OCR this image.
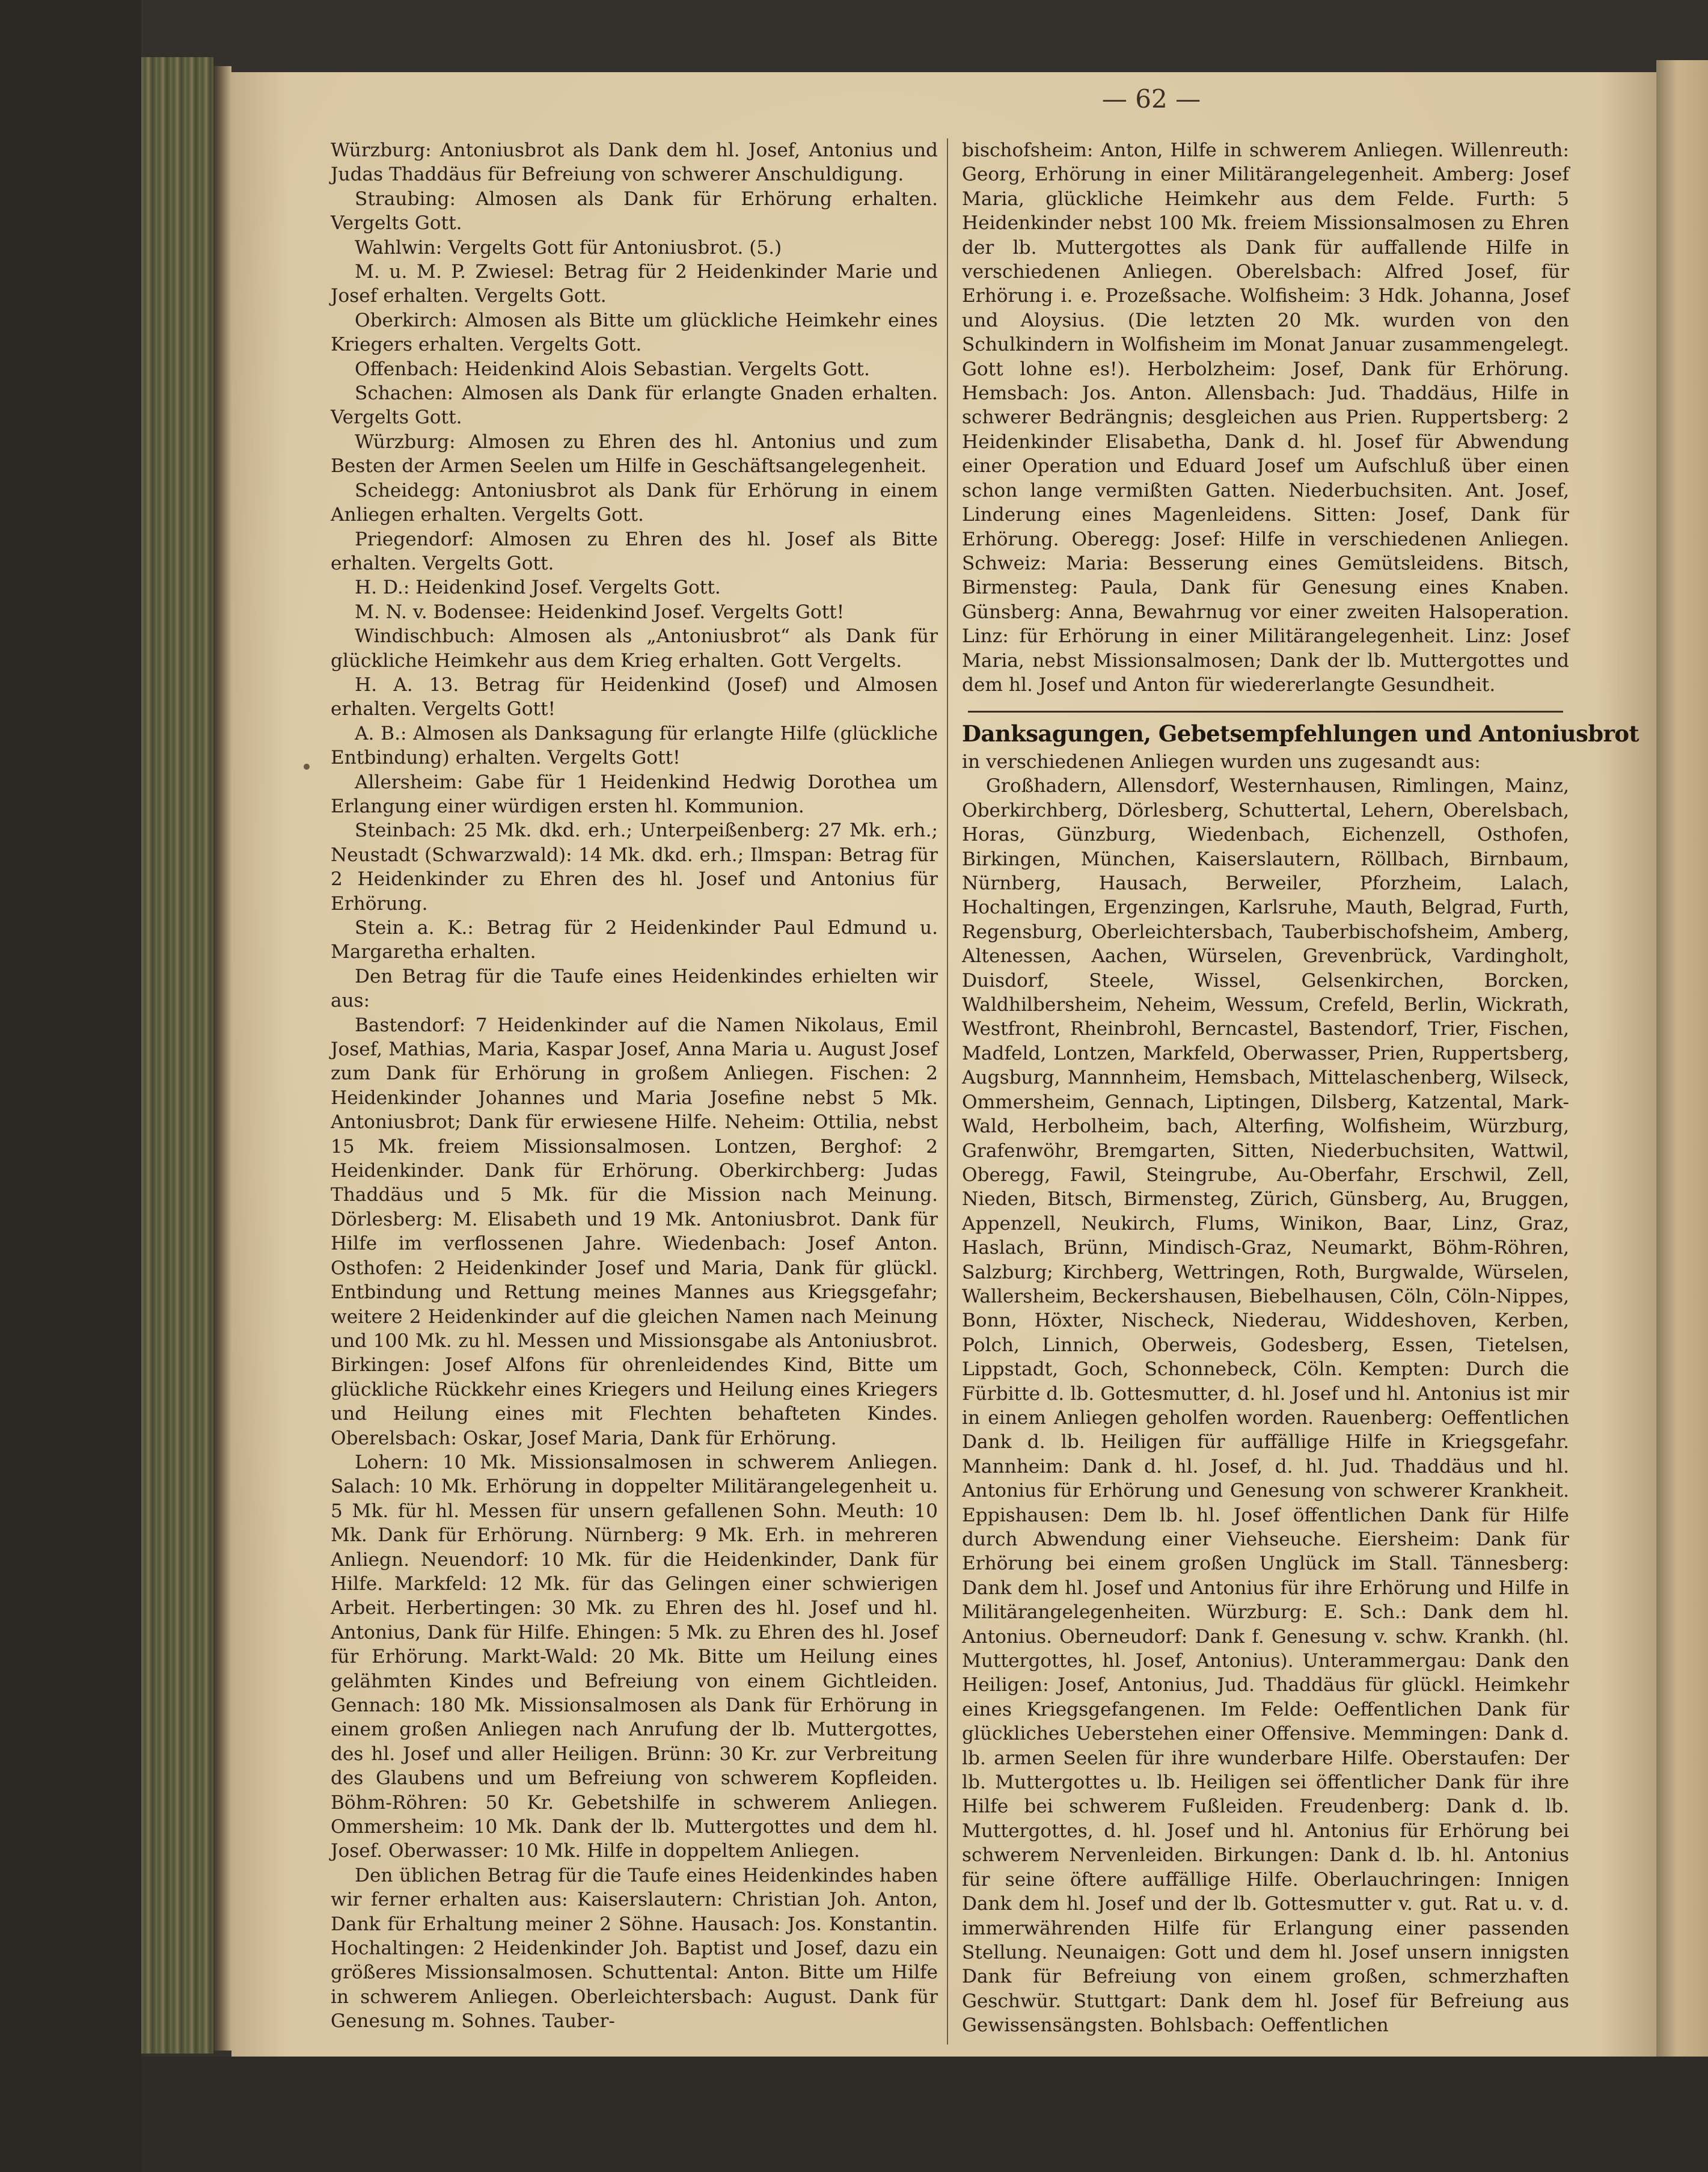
— 62 —

Würzburg: Antoniusbrot als Dank dem hl. Josef, Antonius und Judas Thaddäus für Befreiung von schwerer Anschuldigung.

Straubing: Almosen als Dank für Erhörung erhalten. Vergelts Gott.

Wahlwin: Vergelts Gott für Antoniusbrot. (5.)

M. u. M. P. Zwiesel: Betrag für 2 Heidenkinder Marie und Josef erhalten. Vergelts Gott.

Oberkirch: Almosen als Bitte um glückliche Heimkehr eines Kriegers erhalten. Vergelts Gott.

Offenbach: Heidenkind Alois Sebastian. Vergelts Gott.

Schachen: Almosen als Dank für erlangte Gnaden erhalten. Vergelts Gott.

Würzburg: Almosen zu Ehren des hl. Antonius und zum Besten der Armen Seelen um Hilfe in Geschäftsangelegenheit.

Scheidegg: Antoniusbrot als Dank für Erhörung in einem Anliegen erhalten. Vergelts Gott.

Priegendorf: Almosen zu Ehren des hl. Josef als Bitte erhalten. Vergelts Gott.

H. D.: Heidenkind Josef. Vergelts Gott.

M. N. v. Bodensee: Heidenkind Josef. Vergelts Gott!

Windischbuch: Almosen als „Antoniusbrot“ als Dank für glückliche Heimkehr aus dem Krieg erhalten. Gott Vergelts.

H. A. 13. Betrag für Heidenkind (Josef) und Almosen erhalten. Vergelts Gott!

A. B.: Almosen als Danksagung für erlangte Hilfe (glückliche Entbindung) erhalten. Vergelts Gott!

Allersheim: Gabe für 1 Heidenkind Hedwig Dorothea um Erlangung einer würdigen ersten hl. Kommunion.

Steinbach: 25 Mk. dkd. erh.; Unterpeißenberg: 27 Mk. erh.; Neustadt (Schwarzwald): 14 Mk. dkd. erh.; Ilmspan: Betrag für 2 Heidenkinder zu Ehren des hl. Josef und Antonius für Erhörung.

Stein a. K.: Betrag für 2 Heidenkinder Paul Edmund u. Margaretha erhalten.

Den Betrag für die Taufe eines Heidenkindes erhielten wir aus:

Bastendorf: 7 Heidenkinder auf die Namen Nikolaus, Emil Josef, Mathias, Maria, Kaspar Josef, Anna Maria u. August Josef zum Dank für Erhörung in großem Anliegen. Fischen: 2 Heidenkinder Johannes und Maria Josefine nebst 5 Mk. Antoniusbrot; Dank für erwiesene Hilfe. Neheim: Ottilia, nebst 15 Mk. freiem Missionsalmosen. Lontzen, Berghof: 2 Heidenkinder. Dank für Erhörung. Oberkirchberg: Judas Thaddäus und 5 Mk. für die Mission nach Meinung. Dörlesberg: M. Elisabeth und 19 Mk. Antoniusbrot. Dank für Hilfe im verflossenen Jahre. Wiedenbach: Josef Anton. Osthofen: 2 Heidenkinder Josef und Maria, Dank für glückl. Entbindung und Rettung meines Mannes aus Kriegsgefahr; weitere 2 Heidenkinder auf die gleichen Namen nach Meinung und 100 Mk. zu hl. Messen und Missionsgabe als Antoniusbrot. Birkingen: Josef Alfons für ohrenleidendes Kind, Bitte um glückliche Rückkehr eines Kriegers und Heilung eines Kriegers und Heilung eines mit Flechten behafteten Kindes. Oberelsbach: Oskar, Josef Maria, Dank für Erhörung.

Lohern: 10 Mk. Missionsalmosen in schwerem Anliegen. Salach: 10 Mk. Erhörung in doppelter Militärangelegenheit u. 5 Mk. für hl. Messen für unsern gefallenen Sohn. Meuth: 10 Mk. Dank für Erhörung. Nürnberg: 9 Mk. Erh. in mehreren Anliegn. Neuendorf: 10 Mk. für die Heidenkinder, Dank für Hilfe. Markfeld: 12 Mk. für das Gelingen einer schwierigen Arbeit. Herbertingen: 30 Mk. zu Ehren des hl. Josef und hl. Antonius, Dank für Hilfe. Ehingen: 5 Mk. zu Ehren des hl. Josef für Erhörung. Markt-Wald: 20 Mk. Bitte um Heilung eines gelähmten Kindes und Befreiung von einem Gichtleiden. Gennach: 180 Mk. Missionsalmosen als Dank für Erhörung in einem großen Anliegen nach Anrufung der lb. Muttergottes, des hl. Josef und aller Heiligen. Brünn: 30 Kr. zur Verbreitung des Glaubens und um Befreiung von schwerem Kopfleiden. Böhm-Röhren: 50 Kr. Gebetshilfe in schwerem Anliegen. Ommersheim: 10 Mk. Dank der lb. Muttergottes und dem hl. Josef. Oberwasser: 10 Mk. Hilfe in doppeltem Anliegen.

Den üblichen Betrag für die Taufe eines Heidenkindes haben wir ferner erhalten aus: Kaiserslautern: Christian Joh. Anton, Dank für Erhaltung meiner 2 Söhne. Hausach: Jos. Konstantin. Hochaltingen: 2 Heidenkinder Joh. Baptist und Josef, dazu ein größeres Missionsalmosen. Schuttental: Anton. Bitte um Hilfe in schwerem Anliegen. Oberleichtersbach: August. Dank für Genesung m. Sohnes. Tauber-

bischofsheim: Anton, Hilfe in schwerem Anliegen. Willenreuth: Georg, Erhörung in einer Militärangelegenheit. Amberg: Josef Maria, glückliche Heimkehr aus dem Felde. Furth: 5 Heidenkinder nebst 100 Mk. freiem Missionsalmosen zu Ehren der lb. Muttergottes als Dank für auffallende Hilfe in verschiedenen Anliegen. Oberelsbach: Alfred Josef, für Erhörung i. e. Prozeßsache. Wolfisheim: 3 Hdk. Johanna, Josef und Aloysius. (Die letzten 20 Mk. wurden von den Schulkindern in Wolfisheim im Monat Januar zusammengelegt. Gott lohne es!). Herbolzheim: Josef, Dank für Erhörung. Hemsbach: Jos. Anton. Allensbach: Jud. Thaddäus, Hilfe in schwerer Bedrängnis; desgleichen aus Prien. Ruppertsberg: 2 Heidenkinder Elisabetha, Dank d. hl. Josef für Abwendung einer Operation und Eduard Josef um Aufschluß über einen schon lange vermißten Gatten. Niederbuchsiten. Ant. Josef, Linderung eines Magenleidens. Sitten: Josef, Dank für Erhörung. Oberegg: Josef: Hilfe in verschiedenen Anliegen. Schweiz: Maria: Besserung eines Gemütsleidens. Bitsch, Birmensteg: Paula, Dank für Genesung eines Knaben. Günsberg: Anna, Bewahrnug vor einer zweiten Halsoperation. Linz: für Erhörung in einer Militärangelegenheit. Linz: Josef Maria, nebst Missionsalmosen; Dank der lb. Muttergottes und dem hl. Josef und Anton für wiedererlangte Gesundheit.

Danksagungen, Gebetsempfehlungen und Antoniusbrot

in verschiedenen Anliegen wurden uns zugesandt aus:

Großhadern, Allensdorf, Westernhausen, Rimlingen, Mainz, Oberkirchberg, Dörlesberg, Schuttertal, Lehern, Oberelsbach, Horas, Günzburg, Wiedenbach, Eichenzell, Osthofen, Birkingen, München, Kaiserslautern, Röllbach, Birnbaum, Nürnberg, Hausach, Berweiler, Pforzheim, Lalach, Hochaltingen, Ergenzingen, Karlsruhe, Mauth, Belgrad, Furth, Regensburg, Oberleichtersbach, Tauberbischofsheim, Amberg, Altenessen, Aachen, Würselen, Grevenbrück, Vardingholt, Duisdorf, Steele, Wissel, Gelsenkirchen, Borcken, Waldhilbersheim, Neheim, Wessum, Crefeld, Berlin, Wickrath, Westfront, Rheinbrohl, Berncastel, Bastendorf, Trier, Fischen, Madfeld, Lontzen, Markfeld, Oberwasser, Prien, Ruppertsberg, Augsburg, Mannnheim, Hemsbach, Mittelaschenberg, Wilseck, Ommersheim, Gennach, Liptingen, Dilsberg, Katzental, Mark-Wald, Herbolheim, bach, Alterfing, Wolfisheim, Würzburg, Grafenwöhr, Bremgarten, Sitten, Niederbuchsiten, Wattwil, Oberegg, Fawil, Steingrube, Au-Oberfahr, Erschwil, Zell, Nieden, Bitsch, Birmensteg, Zürich, Günsberg, Au, Bruggen, Appenzell, Neukirch, Flums, Winikon, Baar, Linz, Graz, Haslach, Brünn, Mindisch-Graz, Neumarkt, Böhm-Röhren, Salzburg; Kirchberg, Wettringen, Roth, Burgwalde, Würselen, Wallersheim, Beckershausen, Biebelhausen, Cöln, Cöln-Nippes, Bonn, Höxter, Nischeck, Niederau, Widdeshoven, Kerben, Polch, Linnich, Oberweis, Godesberg, Essen, Tietelsen, Lippstadt, Goch, Schonnebeck, Cöln. Kempten: Durch die Fürbitte d. lb. Gottesmutter, d. hl. Josef und hl. Antonius ist mir in einem Anliegen geholfen worden. Rauenberg: Oeffentlichen Dank d. lb. Heiligen für auffällige Hilfe in Kriegsgefahr. Mannheim: Dank d. hl. Josef, d. hl. Jud. Thaddäus und hl. Antonius für Erhörung und Genesung von schwerer Krankheit. Eppishausen: Dem lb. hl. Josef öffentlichen Dank für Hilfe durch Abwendung einer Viehseuche. Eiersheim: Dank für Erhörung bei einem großen Unglück im Stall. Tännesberg: Dank dem hl. Josef und Antonius für ihre Erhörung und Hilfe in Militärangelegenheiten. Würzburg: E. Sch.: Dank dem hl. Antonius. Oberneudorf: Dank f. Genesung v. schw. Krankh. (hl. Muttergottes, hl. Josef, Antonius). Unterammergau: Dank den Heiligen: Josef, Antonius, Jud. Thaddäus für glückl. Heimkehr eines Kriegsgefangenen. Im Felde: Oeffentlichen Dank für glückliches Ueberstehen einer Offensive. Memmingen: Dank d. lb. armen Seelen für ihre wunderbare Hilfe. Oberstaufen: Der lb. Muttergottes u. lb. Heiligen sei öffentlicher Dank für ihre Hilfe bei schwerem Fußleiden. Freudenberg: Dank d. lb. Muttergottes, d. hl. Josef und hl. Antonius für Erhörung bei schwerem Nervenleiden. Birkungen: Dank d. lb. hl. Antonius für seine öftere auffällige Hilfe. Oberlauchringen: Innigen Dank dem hl. Josef und der lb. Gottesmutter v. gut. Rat u. v. d. immerwährenden Hilfe für Erlangung einer passenden Stellung. Neunaigen: Gott und dem hl. Josef unsern innigsten Dank für Befreiung von einem großen, schmerzhaften Geschwür. Stuttgart: Dank dem hl. Josef für Befreiung aus Gewissensängsten. Bohlsbach: Oeffentlichen
